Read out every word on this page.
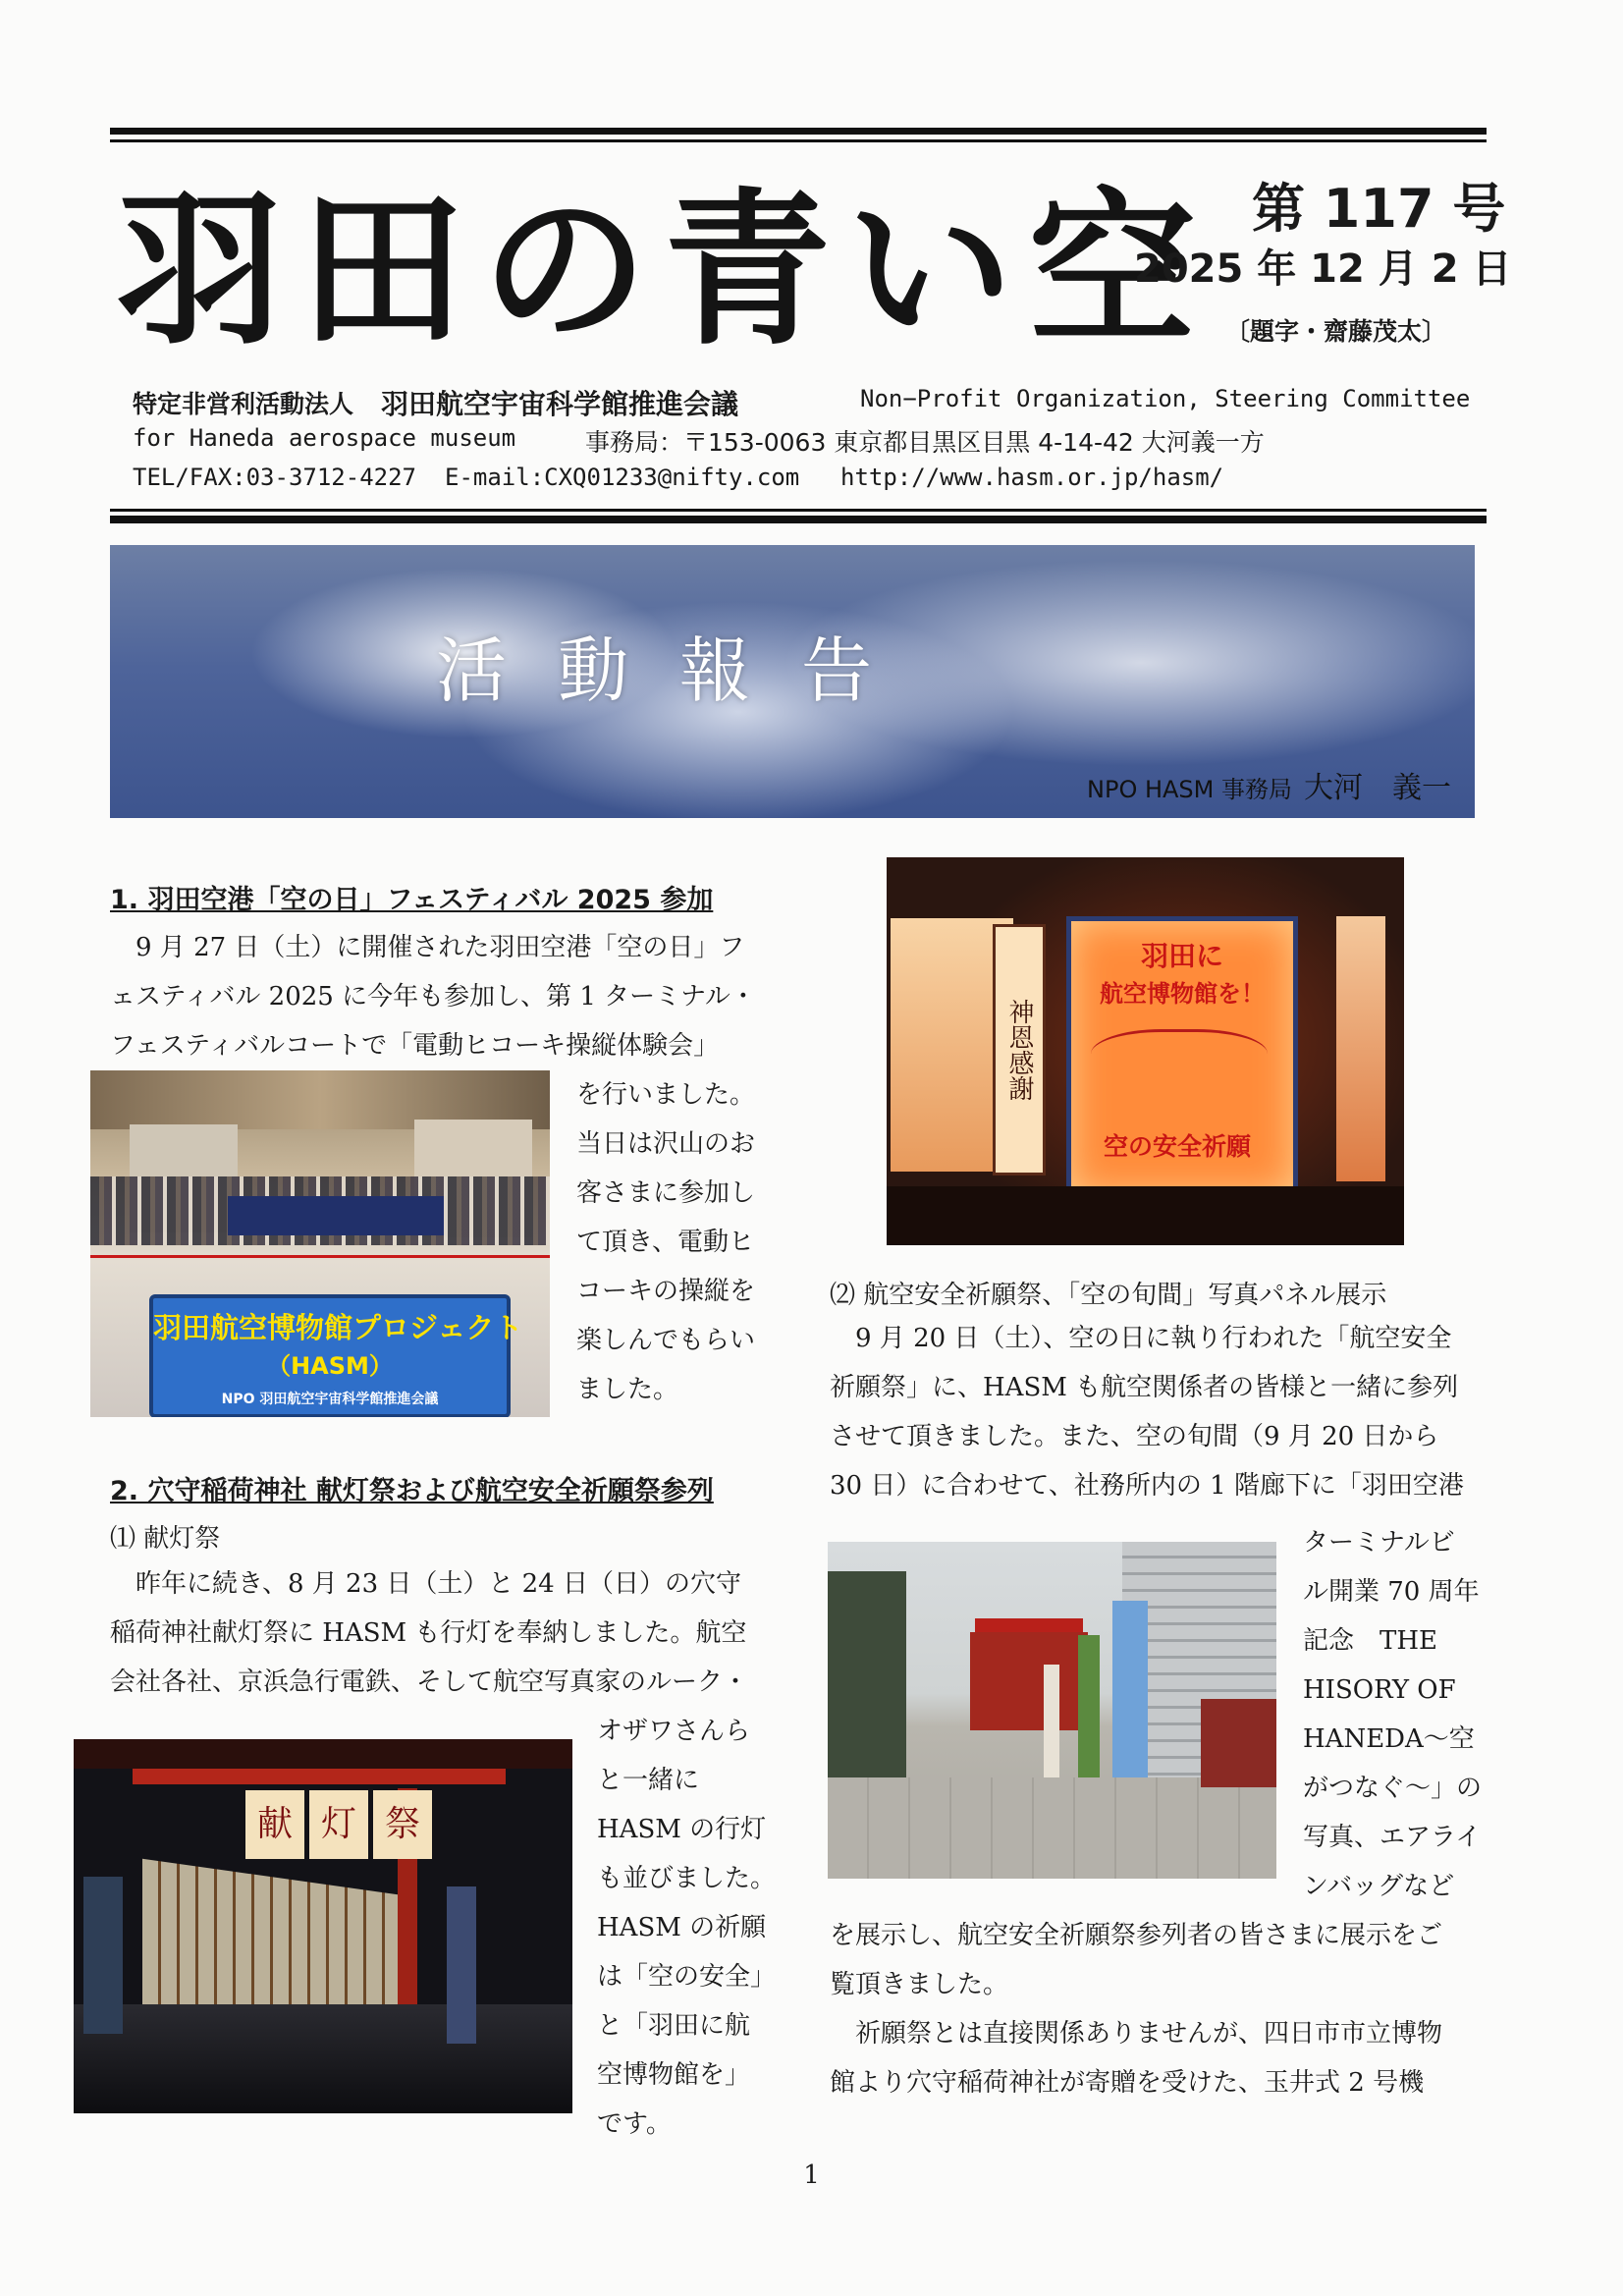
羽田の青い空 第 117 号
2025 年 12 月 2 日
〔題字・齋藤茂太〕
特定非営利活動法人 羽田航空宇宙科学館推進会議	Non−Profit Organization, Steering Committee
for Haneda aerospace museum	事務局：〒153-0063 東京都目黒区目黒 4-14-42 大河義一方
TEL/FAX:03-3712-4227 E-mail:CXQ01233@nifty.com http://www.hasm.or.jp/hasm/
活動報告
NPO HASM 事務局 大河　義一
1. 羽田空港「空の日」フェスティバル 2025 参加
　9 月 27 日（土）に開催された羽田空港「空の日」フ
ェスティバル 2025 に今年も参加し、第 1 ターミナル・
フェスティバルコートで「電動ヒコーキ操縦体験会」
を行いました。
当日は沢山のお
客さまに参加し
て頂き、電動ヒ
コーキの操縦を
楽しんでもらい
ました。
羽田航空博物館プロジェクト
（HASM）
NPO 羽田航空宇宙科学館推進会議
2. 穴守稲荷神社 献灯祭および航空安全祈願祭参列
⑴ 献灯祭
　昨年に続き、8 月 23 日（土）と 24 日（日）の穴守
稲荷神社献灯祭に HASM も行灯を奉納しました。航空
会社各社、京浜急行電鉄、そして航空写真家のルーク・
オザワさんら
と一緒に
HASM の行灯
も並びました。
HASM の祈願
は「空の安全」
と「羽田に航
空博物館を」
です。
献 灯 祭
神恩感謝
羽田に
航空博物館を！
空の安全祈願
⑵ 航空安全祈願祭、「空の旬間」写真パネル展示
　9 月 20 日（土）、空の日に執り行われた「航空安全
祈願祭」に、HASM も航空関係者の皆様と一緒に参列
させて頂きました。また、空の旬間（9 月 20 日から
30 日）に合わせて、社務所内の 1 階廊下に「羽田空港
ターミナルビ
ル開業 70 周年
記念　THE
HISORY OF
HANEDA〜空
がつなぐ〜」の
写真、エアライ
ンバッグなど
を展示し、航空安全祈願祭参列者の皆さまに展示をご
覧頂きました。
　祈願祭とは直接関係ありませんが、四日市市立博物
館より穴守稲荷神社が寄贈を受けた、玉井式 2 号機
1
